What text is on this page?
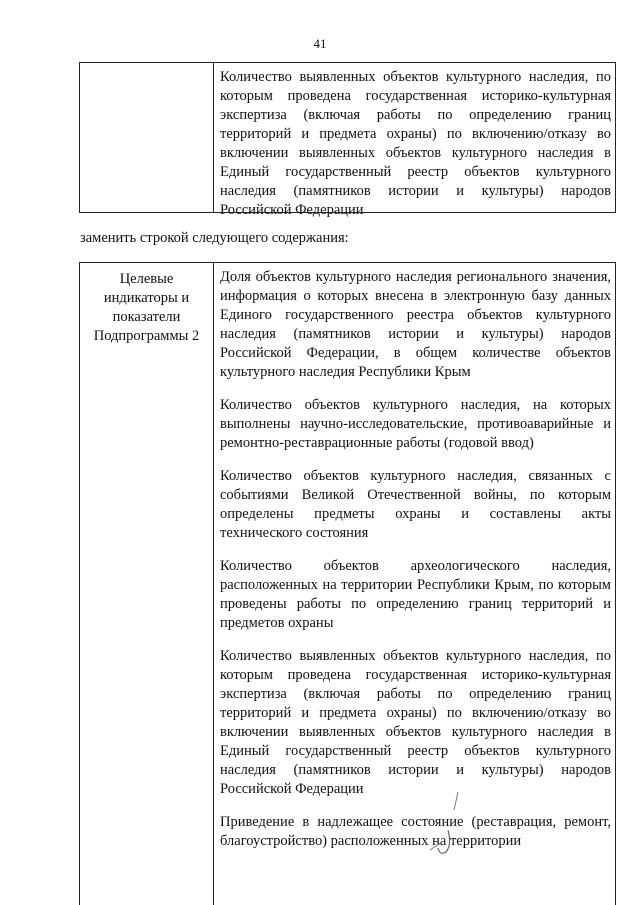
41

Количество выявленных объектов культурного наследия, по которым проведена государственная историко-культурная экспертиза (включая работы по определению границ территорий и предмета охраны) по включению/отказу во включении выявленных объектов культурного наследия в Единый государственный реестр объектов культурного наследия (памятников истории и культуры) народов Российской Федерации

заменить строкой следующего содержания:
Целевые
индикаторы и
показатели
Подпрограммы 2

Доля объектов культурного наследия регионального значения, информация о которых внесена в электронную базу данных Единого государственного реестра объектов культурного наследия (памятников истории и культуры) народов Российской Федерации, в общем количестве объектов культурного наследия Республики Крым

Количество объектов культурного наследия, на которых выполнены научно-исследовательские, противоаварийные и ремонтно-реставрационные работы (годовой ввод)

Количество объектов культурного наследия, связанных с событиями Великой Отечественной войны, по которым определены предметы охраны и составлены акты технического состояния

Количество объектов археологического наследия, расположенных на территории Республики Крым, по которым проведены работы по определению границ территорий и предметов охраны

Количество выявленных объектов культурного наследия, по которым проведена государственная историко-культурная экспертиза (включая работы по определению границ территорий и предмета охраны) по включению/отказу во включении выявленных объектов культурного наследия в Единый государственный реестр объектов культурного наследия (памятников истории и культуры) народов Российской Федерации

Приведение в надлежащее состояние (реставрация, ремонт, благоустройство) расположенных на территории
